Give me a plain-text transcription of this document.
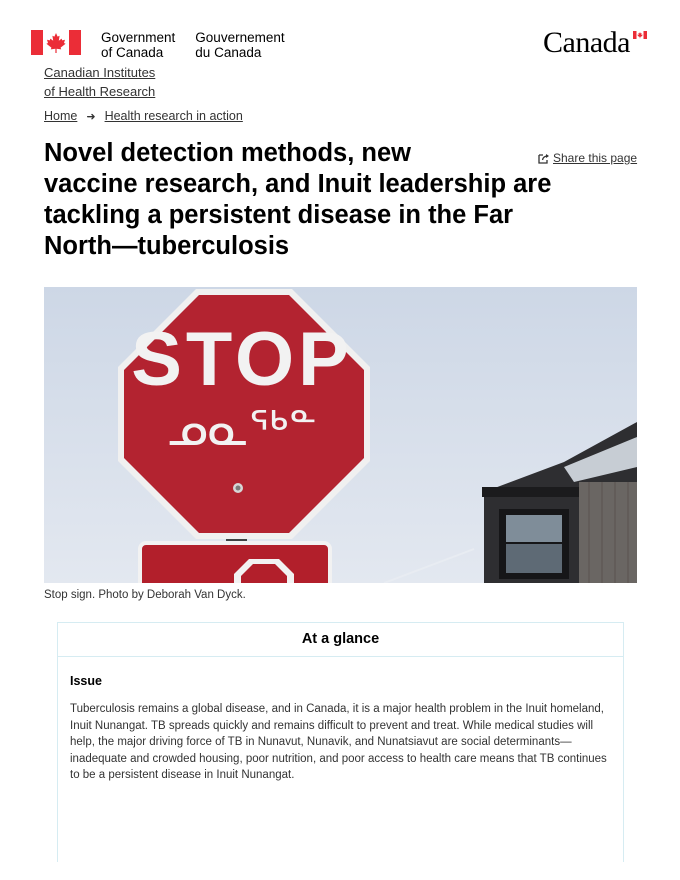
Government
of Canada
Gouvernement
du Canada	Canada
Canadian Institutes
of Health Research
Home ➜ Health research in action
Novel detection methods, new
vaccine research, and Inuit leadership are
tackling a persistent disease in the Far
North—tuberculosis
Share this page
STOP
ᓄᓇᖅᓐ
Stop sign. Photo by Deborah Van Dyck.
At a glance
Issue

Tuberculosis remains a global disease, and in Canada, it is a major health problem in the Inuit homeland, Inuit Nunangat. TB spreads quickly and remains difficult to prevent and treat. While medical studies will help, the major driving force of TB in Nunavut, Nunavik, and Nunatsiavut are social determinants—inadequate and crowded housing, poor nutrition, and poor access to health care means that TB continues to be a persistent disease in Inuit Nunangat.
